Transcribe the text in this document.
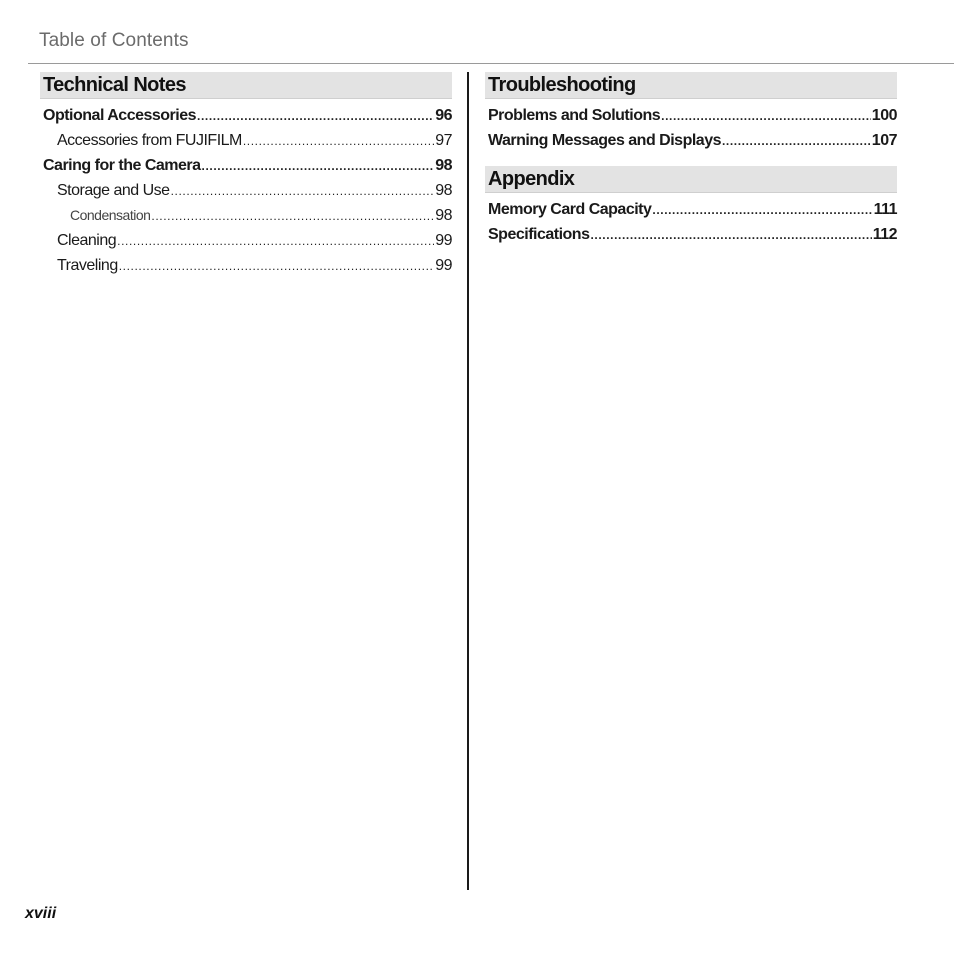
Table of Contents
Technical Notes
Optional Accessories .....	96
Accessories from FUJIFILM .....	97
Caring for the Camera .....	98
Storage and Use .....	98
Condensation .....	98
Cleaning .....	99
Traveling .....	99
Troubleshooting
Problems and Solutions .....	100
Warning Messages and Displays .....	107
Appendix
Memory Card Capacity .....	111
Specifications .....	112
xviii
